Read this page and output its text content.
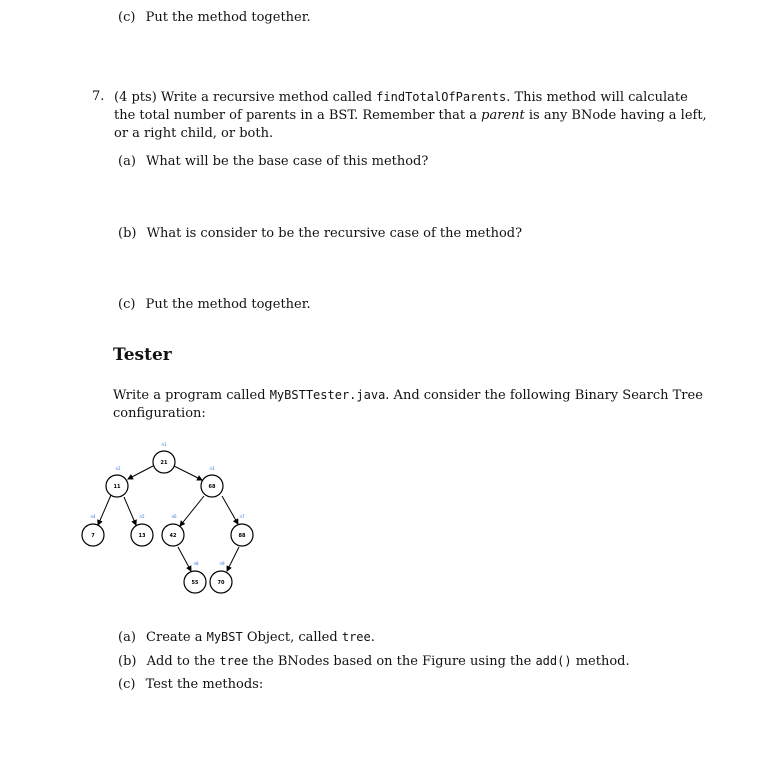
(c) Put the method together.
7. (4 pts) Write a recursive method called findTotalOfParents. This method will calculate
the total number of parents in a BST. Remember that a parent is any BNode having a left,
or a right child, or both.
(a) What will be the base case of this method?
(b) What is consider to be the recursive case of the method?
(c) Put the method together.
Tester
Write a program called MyBSTTester.java. And consider the following Binary Search Tree
configuration:
n1
21
n2
11
n3
68
n4
7
n5
13
n6
42
n7
88
n8
55
n9
70
(a) Create a MyBST Object, called tree.
(b) Add to the tree the BNodes based on the Figure using the add() method.
(c) Test the methods:
